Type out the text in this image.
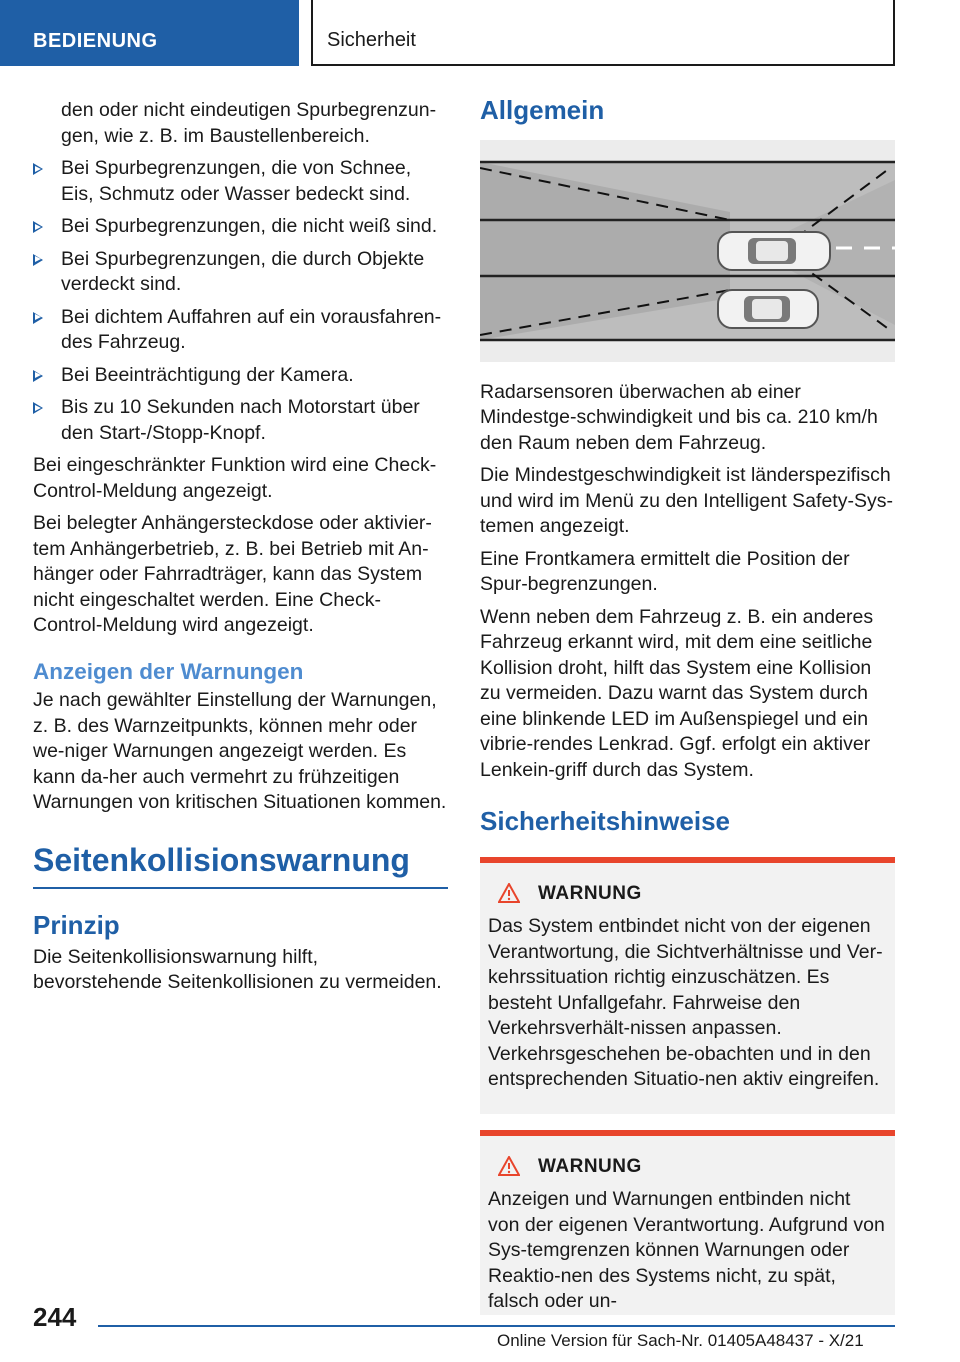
BEDIENUNG	Sicherheit

den oder nicht eindeutigen Spurbegrenzun-gen, wie z. B. im Baustellenbereich.

Bei Spurbegrenzungen, die von Schnee, Eis, Schmutz oder Wasser bedeckt sind.
Bei Spurbegrenzungen, die nicht weiß sind.
Bei Spurbegrenzungen, die durch Objekte verdeckt sind.
Bei dichtem Auffahren auf ein vorausfahren-des Fahrzeug.
Bei Beeinträchtigung der Kamera.
Bis zu 10 Sekunden nach Motorstart über den Start-/Stopp-Knopf.

Bei eingeschränkter Funktion wird eine Check-Control-Meldung angezeigt.

Bei belegter Anhängersteckdose oder aktivier-tem Anhängerbetrieb, z. B. bei Betrieb mit An-hänger oder Fahrradträger, kann das System nicht eingeschaltet werden. Eine Check-Control-Meldung wird angezeigt.

Anzeigen der Warnungen

Je nach gewählter Einstellung der Warnungen, z. B. des Warnzeitpunkts, können mehr oder we-niger Warnungen angezeigt werden. Es kann da-her auch vermehrt zu frühzeitigen Warnungen von kritischen Situationen kommen.

Seitenkollisionswarnung
Prinzip

Die Seitenkollisionswarnung hilft, bevorstehende Seitenkollisionen zu vermeiden.

Allgemein

Radarsensoren überwachen ab einer Mindestge-schwindigkeit und bis ca. 210 km/h den Raum neben dem Fahrzeug.

Die Mindestgeschwindigkeit ist länderspezifisch und wird im Menü zu den Intelligent Safety-Sys-temen angezeigt.

Eine Frontkamera ermittelt die Position der Spur-begrenzungen.

Wenn neben dem Fahrzeug z. B. ein anderes Fahrzeug erkannt wird, mit dem eine seitliche Kollision droht, hilft das System eine Kollision zu vermeiden. Dazu warnt das System durch eine blinkende LED im Außenspiegel und ein vibrie-rendes Lenkrad. Ggf. erfolgt ein aktiver Lenkein-griff durch das System.

Sicherheitshinweise
WARNUNG

Das System entbindet nicht von der eigenen Verantwortung, die Sichtverhältnisse und Ver-kehrssituation richtig einzuschätzen. Es besteht Unfallgefahr. Fahrweise den Verkehrsverhält-nissen anpassen. Verkehrsgeschehen be-obachten und in den entsprechenden Situatio-nen aktiv eingreifen.

WARNUNG

Anzeigen und Warnungen entbinden nicht von der eigenen Verantwortung. Aufgrund von Sys-temgrenzen können Warnungen oder Reaktio-nen des Systems nicht, zu spät, falsch oder un-

244
Online Version für Sach-Nr. 01405A48437 - X/21
